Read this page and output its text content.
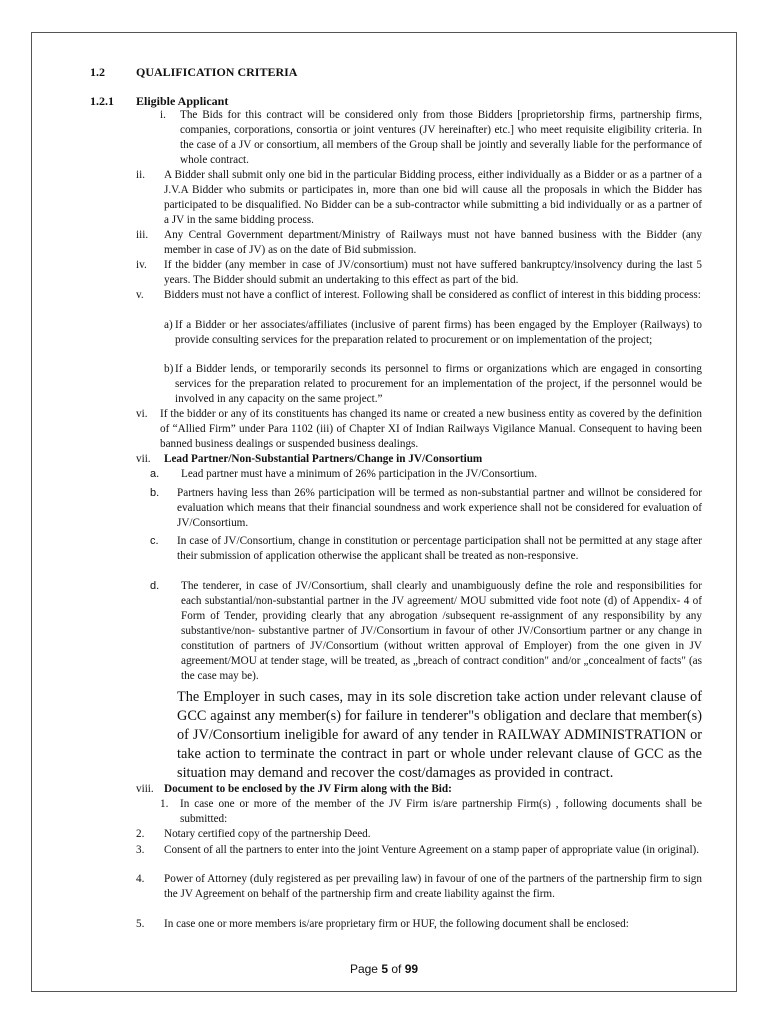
1.2	QUALIFICATION CRITERIA
1.2.1 Eligible Applicant
i. The Bids for this contract will be considered only from those Bidders [proprietorship firms, partnership firms, companies, corporations, consortia or joint ventures (JV hereinafter) etc.] who meet requisite eligibility criteria. In the case of a JV or consortium, all members of the Group shall be jointly and severally liable for the performance of whole contract.
ii. A Bidder shall submit only one bid in the particular Bidding process, either individually as a Bidder or as a partner of a J.V.A Bidder who submits or participates in, more than one bid will cause all the proposals in which the Bidder has participated to be disqualified. No Bidder can be a sub-contractor while submitting a bid individually or as a partner of a JV in the same bidding process.
iii. Any Central Government department/Ministry of Railways must not have banned business with the Bidder (any member in case of JV) as on the date of Bid submission.
iv. If the bidder (any member in case of JV/consortium) must not have suffered bankruptcy/insolvency during the last 5 years. The Bidder should submit an undertaking to this effect as part of the bid.
v. Bidders must not have a conflict of interest. Following shall be considered as conflict of interest in this bidding process:
a) If a Bidder or her associates/affiliates (inclusive of parent firms) has been engaged by the Employer (Railways) to provide consulting services for the preparation related to procurement or on implementation of the project;
b) If a Bidder lends, or temporarily seconds its personnel to firms or organizations which are engaged in consorting services for the preparation related to procurement for an implementation of the project, if the personnel would be involved in any capacity on the same project.”
vi. If the bidder or any of its constituents has changed its name or created a new business entity as covered by the definition of “Allied Firm” under Para 1102 (iii) of Chapter XI of Indian Railways Vigilance Manual. Consequent to having been banned business dealings or suspended business dealings.
vii. Lead Partner/Non-Substantial Partners/Change in JV/Consortium
a. Lead partner must have a minimum of 26% participation in the JV/Consortium.
b. Partners having less than 26% participation will be termed as non-substantial partner and willnot be considered for evaluation which means that their financial soundness and work experience shall not be considered for evaluation of JV/Consortium.
c. In case of JV/Consortium, change in constitution or percentage participation shall not be permitted at any stage after their submission of application otherwise the applicant shall be treated as non-responsive.
d. The tenderer, in case of JV/Consortium, shall clearly and unambiguously define the role and responsibilities for each substantial/non-substantial partner in the JV agreement/ MOU submitted vide foot note (d) of Appendix- 4 of Form of Tender, providing clearly that any abrogation /subsequent re-assignment of any responsibility by any substantive/non- substantive partner of JV/Consortium in favour of other JV/Consortium partner or any change in constitution of partners of JV/Consortium (without written approval of Employer) from the one given in JV agreement/MOU at tender stage, will be treated, as „breach of contract condition" and/or „concealment of facts" (as the case may be).
The Employer in such cases, may in its sole discretion take action under relevant clause of GCC against any member(s) for failure in tenderer"s obligation and declare that member(s) of JV/Consortium ineligible for award of any tender in RAILWAY ADMINISTRATION or take action to terminate the contract in part or whole under relevant clause of GCC as the situation may demand and recover the cost/damages as provided in contract.
viii. Document to be enclosed by the JV Firm along with the Bid:
1. In case one or more of the member of the JV Firm is/are partnership Firm(s) , following documents shall be submitted:
2. Notary certified copy of the partnership Deed.
3. Consent of all the partners to enter into the joint Venture Agreement on a stamp paper of appropriate value (in original).
4. Power of Attorney (duly registered as per prevailing law) in favour of one of the partners of the partnership firm to sign the JV Agreement on behalf of the partnership firm and create liability against the firm.
5. In case one or more members is/are proprietary firm or HUF, the following document shall be enclosed:
Page 5 of 99
